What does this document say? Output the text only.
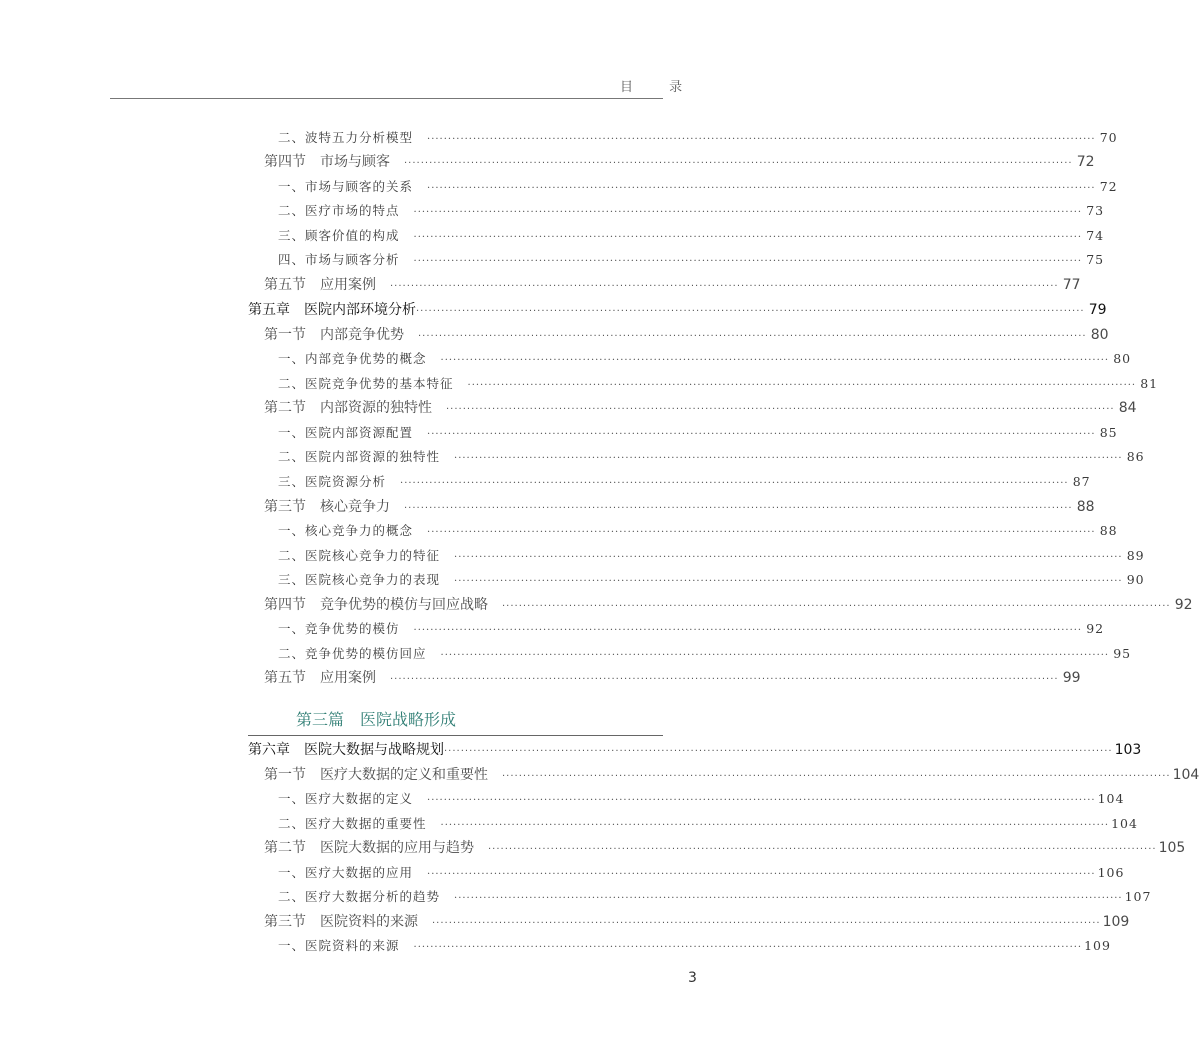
目 录
二、波特五力分析模型 ································································································································································ 70
第四节　市场与顾客 ································································································································································ 72
一、市场与顾客的关系 ································································································································································ 72
二、医疗市场的特点 ································································································································································ 73
三、顾客价值的构成 ································································································································································ 74
四、市场与顾客分析 ································································································································································ 75
第五节　应用案例 ································································································································································ 77
第五章　医院内部环境分析 ································································································································································ 79
第一节　内部竞争优势 ································································································································································ 80
一、内部竞争优势的概念 ································································································································································ 80
二、医院竞争优势的基本特征 ································································································································································ 81
第二节　内部资源的独特性 ································································································································································ 84
一、医院内部资源配置 ································································································································································ 85
二、医院内部资源的独特性 ································································································································································ 86
三、医院资源分析 ································································································································································ 87
第三节　核心竞争力 ································································································································································ 88
一、核心竞争力的概念 ································································································································································ 88
二、医院核心竞争力的特征 ································································································································································ 89
三、医院核心竞争力的表现 ································································································································································ 90
第四节　竞争优势的模仿与回应战略 ································································································································································ 92
一、竞争优势的模仿 ································································································································································ 92
二、竞争优势的模仿回应 ································································································································································ 95
第五节　应用案例 ································································································································································ 99
第六章　医院大数据与战略规划 ································································································································································ 103
第一节　医疗大数据的定义和重要性 ································································································································································ 104
一、医疗大数据的定义 ································································································································································ 104
二、医疗大数据的重要性 ································································································································································ 104
第二节　医院大数据的应用与趋势 ································································································································································ 105
一、医疗大数据的应用 ································································································································································ 106
二、医疗大数据分析的趋势 ································································································································································ 107
第三节　医院资料的来源 ································································································································································ 109
一、医院资料的来源 ································································································································································ 109
第三篇　医院战略形成
3
